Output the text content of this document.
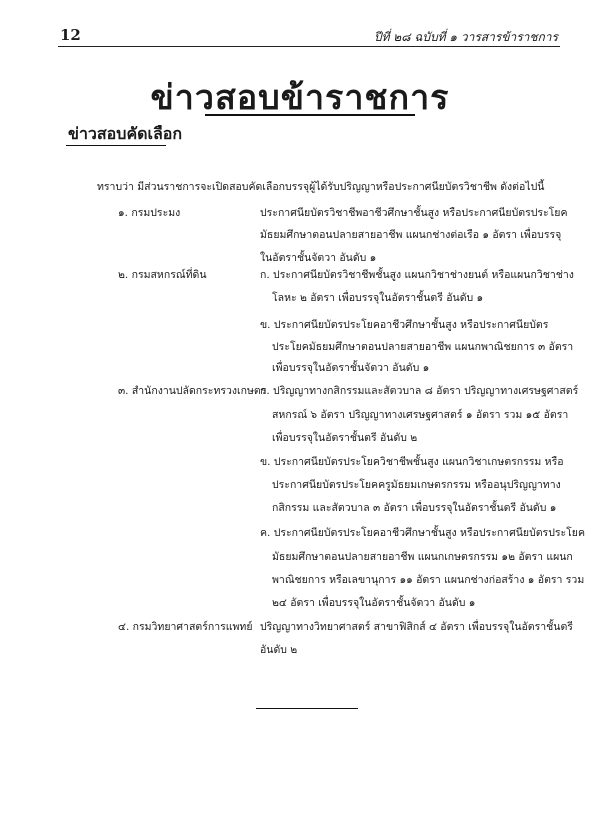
12	ปีที่ ๒๘ ฉบับที่ ๑ วารสารข้าราชการ
ข่าวสอบข้าราชการ
ข่าวสอบคัดเลือก
ทราบว่า มีส่วนราชการจะเปิดสอบคัดเลือกบรรจุผู้ได้รับปริญญาหรือประกาศนียบัตรวิชาชีพ ดังต่อไปนี้
๑. กรมประมง	ประกาศนียบัตรวิชาชีพอาชีวศึกษาชั้นสูง หรือประกาศนียบัตรประโยค
มัธยมศึกษาตอนปลายสายอาชีพ แผนกช่างต่อเรือ ๑ อัตรา เพื่อบรรจุ
ในอัตราชั้นจัตวา อันดับ ๑
๒. กรมสหกรณ์ที่ดิน	ก. ประกาศนียบัตรวิชาชีพชั้นสูง แผนกวิชาช่างยนต์ หรือแผนกวิชาช่าง
โลหะ ๒ อัตรา เพื่อบรรจุในอัตราชั้นตรี อันดับ ๑
ข. ประกาศนียบัตรประโยคอาชีวศึกษาชั้นสูง หรือประกาศนียบัตร
ประโยคมัธยมศึกษาตอนปลายสายอาชีพ แผนกพาณิชยการ ๓ อัตรา
เพื่อบรรจุในอัตราชั้นจัตวา อันดับ ๑
๓. สำนักงานปลัดกระทรวงเกษตร
ก. ปริญญาทางกสิกรรมและสัตวบาล ๘ อัตรา ปริญญาทางเศรษฐศาสตร์
สหกรณ์ ๖ อัตรา ปริญญาทางเศรษฐศาสตร์ ๑ อัตรา รวม ๑๕ อัตรา
เพื่อบรรจุในอัตราชั้นตรี อันดับ ๒
ข. ประกาศนียบัตรประโยควิชาชีพชั้นสูง แผนกวิชาเกษตรกรรม หรือ
ประกาศนียบัตรประโยคครูมัธยมเกษตรกรรม หรืออนุปริญญาทาง
กสิกรรม และสัตวบาล ๓ อัตรา เพื่อบรรจุในอัตราชั้นตรี อันดับ ๑
ค. ประกาศนียบัตรประโยคอาชีวศึกษาชั้นสูง หรือประกาศนียบัตรประโยค
มัธยมศึกษาตอนปลายสายอาชีพ แผนกเกษตรกรรม ๑๒ อัตรา แผนก
พาณิชยการ หรือเลขานุการ ๑๑ อัตรา แผนกช่างก่อสร้าง ๑ อัตรา รวม
๒๔ อัตรา เพื่อบรรจุในอัตราชั้นจัตวา อันดับ ๑
๔. กรมวิทยาศาสตร์การแพทย์ ปริญญาทางวิทยาศาสตร์ สาขาฟิสิกส์ ๔ อัตรา เพื่อบรรจุในอัตราชั้นตรี
อันดับ ๒
